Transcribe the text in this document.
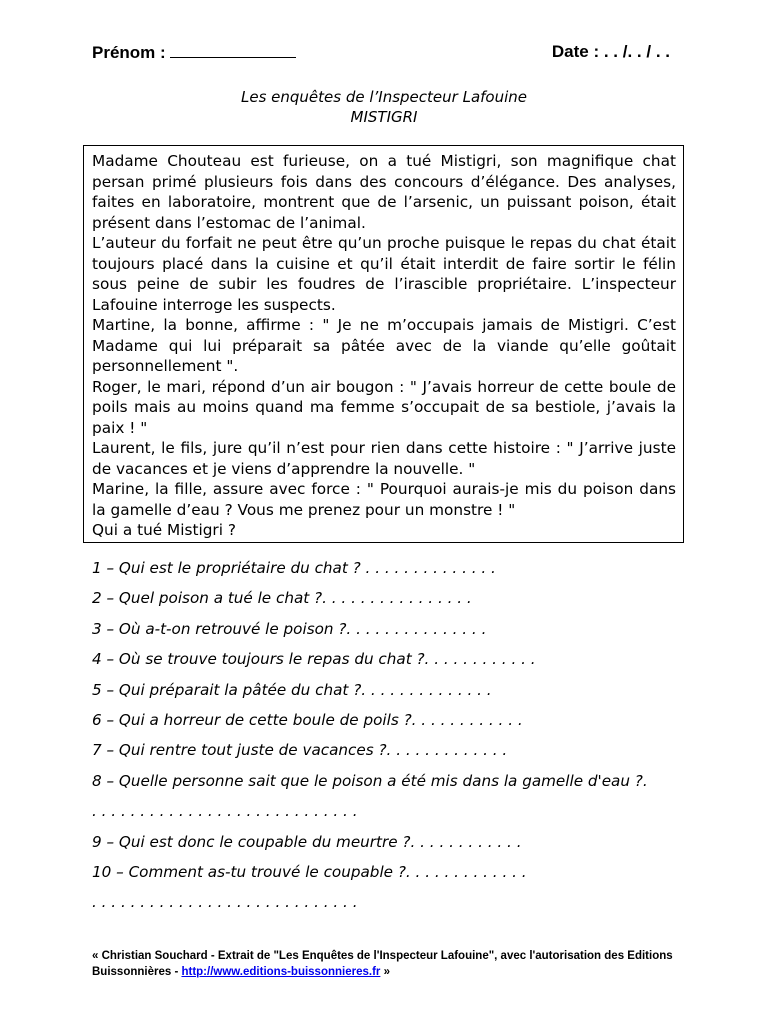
Prénom :	Date : . . /. . / . .
Les enquêtes de l’Inspecteur Lafouine
MISTIGRI

Madame Chouteau est furieuse, on a tué Mistigri, son magnifique chat persan primé plusieurs fois dans des concours d’élégance. Des analyses, faites en laboratoire, montrent que de l’arsenic, un puissant poison, était présent dans l’estomac de l’animal.

L’auteur du forfait ne peut être qu’un proche puisque le repas du chat était toujours placé dans la cuisine et qu’il était interdit de faire sortir le félin sous peine de subir les foudres de l’irascible propriétaire. L’inspecteur Lafouine interroge les suspects.

Martine, la bonne, affirme : " Je ne m’occupais jamais de Mistigri. C’est Madame qui lui préparait sa pâtée avec de la viande qu’elle goûtait personnellement ".

Roger, le mari, répond d’un air bougon : " J’avais horreur de cette boule de poils mais au moins quand ma femme s’occupait de sa bestiole, j’avais la paix ! "

Laurent, le fils, jure qu’il n’est pour rien dans cette histoire : " J’arrive juste de vacances et je viens d’apprendre la nouvelle. "

Marine, la fille, assure avec force : " Pourquoi aurais-je mis du poison dans la gamelle d’eau ? Vous me prenez pour un monstre ! "

Qui a tué Mistigri ?

1 – Qui est le propriétaire du chat ? . . . . . . . . . . . . . .
2 – Quel poison a tué le chat ?. . . . . . . . . . . . . . . .
3 – Où a-t-on retrouvé le poison ?. . . . . . . . . . . . . . .
4 – Où se trouve toujours le repas du chat ?. . . . . . . . . . . .
5 – Qui préparait la pâtée du chat ?. . . . . . . . . . . . . .
6 – Qui a horreur de cette boule de poils ?. . . . . . . . . . . .
7 – Qui rentre tout juste de vacances ?. . . . . . . . . . . . .
8 – Quelle personne sait que le poison a été mis dans la gamelle d'eau ?.
. . . . . . . . . . . . . . . . . . . . . . . . . . . .
9 – Qui est donc le coupable du meurtre ?. . . . . . . . . . . .
10 – Comment as-tu trouvé le coupable ?. . . . . . . . . . . . .
. . . . . . . . . . . . . . . . . . . . . . . . . . . .
« Christian Souchard - Extrait de "Les Enquêtes de l'Inspecteur Lafouine", avec l'autorisation des Editions Buissonnières - http://www.editions-buissonnieres.fr »
